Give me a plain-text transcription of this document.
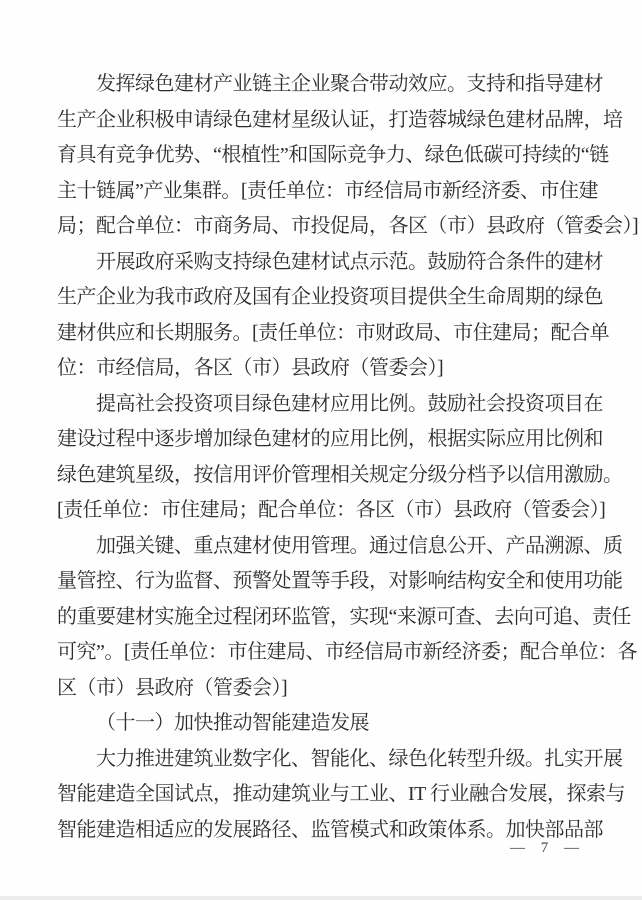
发挥绿色建材产业链主企业聚合带动效应。支持和指导建材
生产企业积极申请绿色建材星级认证，打造蓉城绿色建材品牌，培
育具有竞争优势、“根植性”和国际竞争力、绿色低碳可持续的“链
主十链属”产业集群。[责任单位：市经信局市新经济委、市住建
局；配合单位：市商务局、市投促局，各区（市）县政府（管委会）]
开展政府采购支持绿色建材试点示范。鼓励符合条件的建材
生产企业为我市政府及国有企业投资项目提供全生命周期的绿色
建材供应和长期服务。[责任单位：市财政局、市住建局；配合单
位：市经信局，各区（市）县政府（管委会）]
提高社会投资项目绿色建材应用比例。鼓励社会投资项目在
建设过程中逐步增加绿色建材的应用比例，根据实际应用比例和
绿色建筑星级，按信用评价管理相关规定分级分档予以信用激励。
[责任单位：市住建局；配合单位：各区（市）县政府（管委会）]
加强关键、重点建材使用管理。通过信息公开、产品溯源、质
量管控、行为监督、预警处置等手段，对影响结构安全和使用功能
的重要建材实施全过程闭环监管，实现“来源可查、去向可追、责任
可究”。[责任单位：市住建局、市经信局市新经济委；配合单位：各
区（市）县政府（管委会）]
（十一）加快推动智能建造发展
大力推进建筑业数字化、智能化、绿色化转型升级。扎实开展
智能建造全国试点，推动建筑业与工业、IT 行业融合发展，探索与
智能建造相适应的发展路径、监管模式和政策体系。加快部品部
— 7 —
